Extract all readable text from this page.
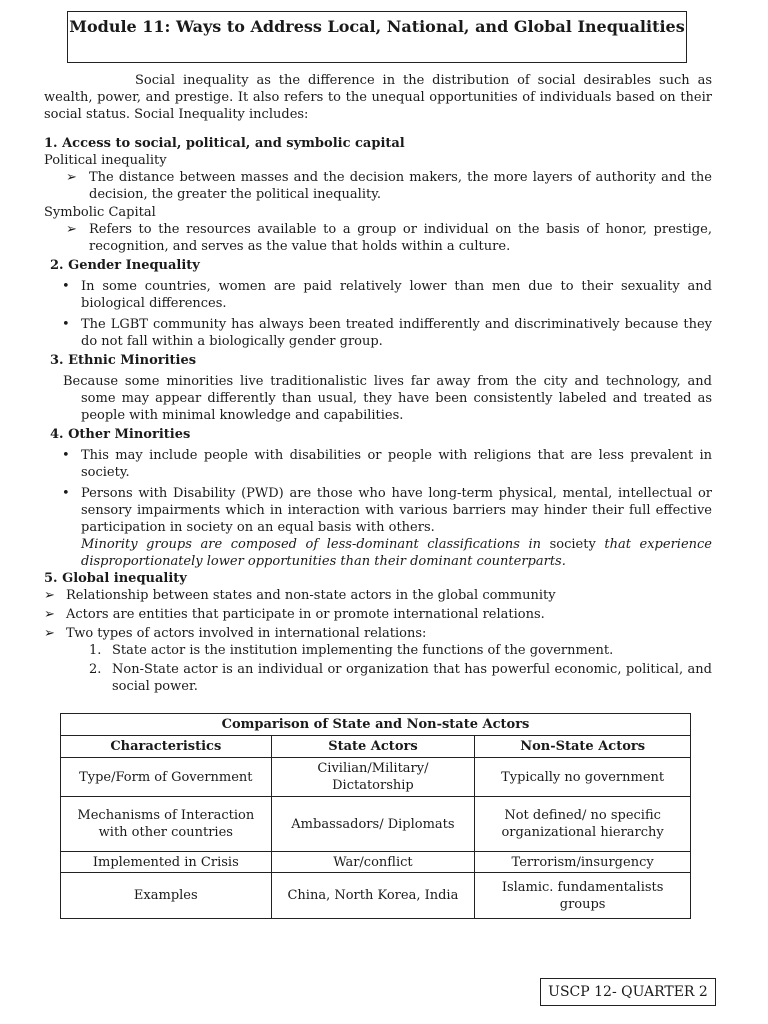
Module 11: Ways to Address Local, National, and Global Inequalities

Social inequality as the difference in the distribution of social desirables such as wealth, power, and prestige. It also refers to the unequal opportunities of individuals based on their social status. Social Inequality includes:

1. Access to social, political, and symbolic capital

Political inequality

➢ The distance between masses and the decision makers, the more layers of authority and the decision, the greater the political inequality.

Symbolic Capital

➢ Refers to the resources available to a group or individual on the basis of honor, prestige, recognition, and serves as the value that holds within a culture.

2. Gender Inequality

• In some countries, women are paid relatively lower than men due to their sexuality and biological differences.
• The LGBT community has always been treated indifferently and discriminatively because they do not fall within a biologically gender group.

3. Ethnic Minorities

Because some minorities live traditionalistic lives far away from the city and technology, and some may appear differently than usual, they have been consistently labeled and treated as people with minimal knowledge and capabilities.

4. Other Minorities

• This may include people with disabilities or people with religions that are less prevalent in society.
• Persons with Disability (PWD) are those who have long-term physical, mental, intellectual or sensory impairments which in interaction with various barriers may hinder their full effective participation in society on an equal basis with others.

Minority groups are composed of less-dominant classifications in society that experience disproportionately lower opportunities than their dominant counterparts.

5. Global inequality

➢ Relationship between states and non-state actors in the global community
➢ Actors are entities that participate in or promote international relations.
➢ Two types of actors involved in international relations:
1. State actor is the institution implementing the functions of the government.
2. Non-State actor is an individual or organization that has powerful economic, political, and social power.
Comparison of State and Non-state Actors		
Characteristics	State Actors	Non-State Actors
Type/Form of Government	Civilian/Military/ Dictatorship	Typically no government
Mechanisms of Interaction with other countries	Ambassadors/ Diplomats	Not defined/ no specific organizational hierarchy
Implemented in Crisis	War/conflict	Terrorism/insurgency
Examples	China, North Korea, India	Islamic. fundamentalists groups
USCP 12- QUARTER 2
